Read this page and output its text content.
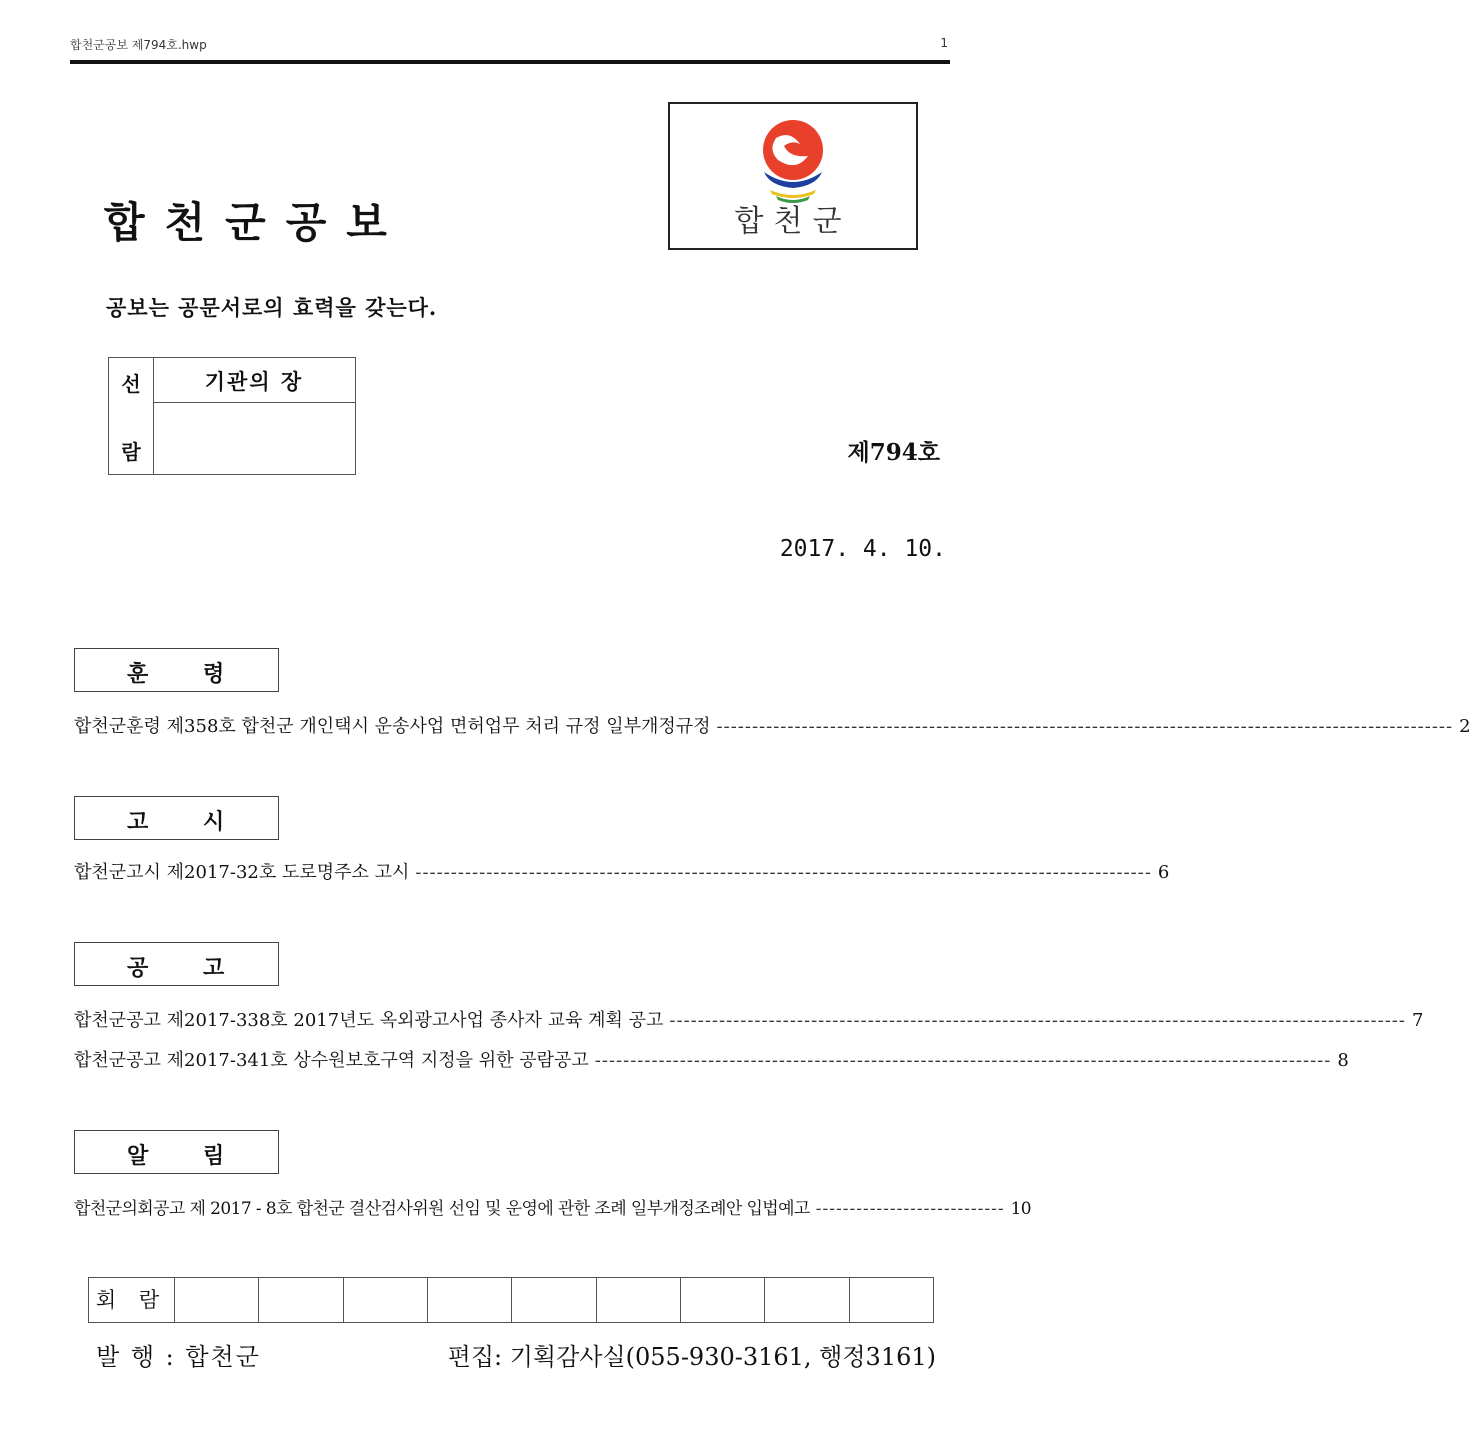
합천군공보 제794호.hwp	1
합천군공보	합천군
공보는 공문서로의 효력을 갖는다.
선
람
기관의 장
제794호
2017. 4. 10.
훈 령
합천군훈령 제358호 합천군 개인택시 운송사업 면허업무 처리 규정 일부개정규정 -------------------------------------------------------------------------------------------------------- 2
고 시
합천군고시 제2017-32호 도로명주소 고시 -------------------------------------------------------------------------------------------------------- 6
공 고
합천군공고 제2017-338호 2017년도 옥외광고사업 종사자 교육 계획 공고 -------------------------------------------------------------------------------------------------------- 7
합천군공고 제2017-341호 상수원보호구역 지정을 위한 공람공고 -------------------------------------------------------------------------------------------------------- 8
알 림
합천군의회공고 제 2017 - 8호 합천군 결산검사위원 선임 및 운영에 관한 조례 일부개정조례안 입법예고 ---------------------------- 10
회 람
발 행 : 합천군	편집: 기획감사실(055-930-3161, 행정3161)
